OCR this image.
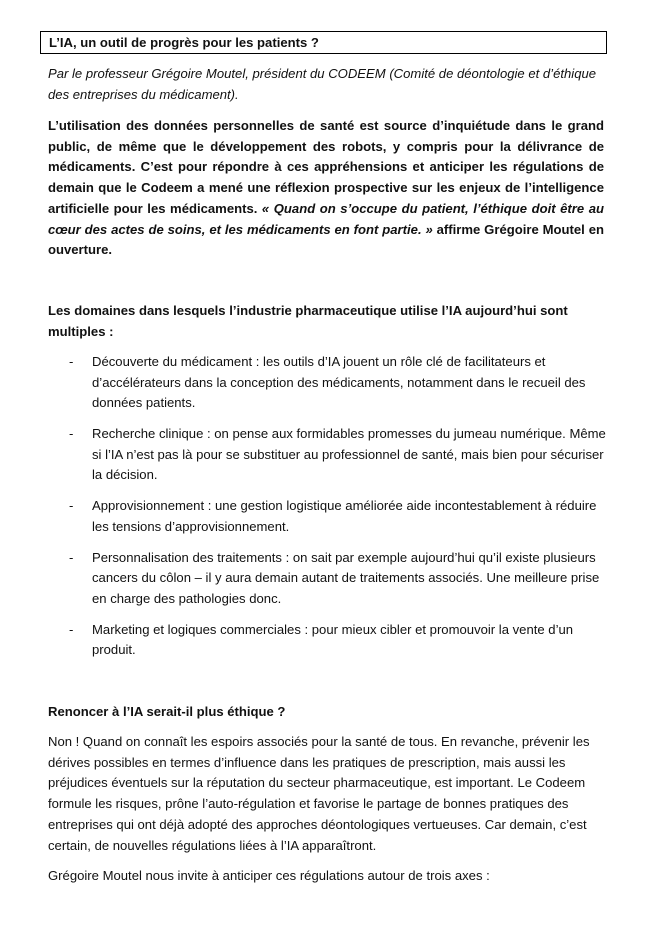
L’IA, un outil de progrès pour les patients ?
Par le professeur Grégoire Moutel, président du CODEEM (Comité de déontologie et d’éthique des entreprises du médicament).
L’utilisation des données personnelles de santé est source d’inquiétude dans le grand public, de même que le développement des robots, y compris pour la délivrance de médicaments. C’est pour répondre à ces appréhensions et anticiper les régulations de demain que le Codeem a mené une réflexion prospective sur les enjeux de l’intelligence artificielle pour les médicaments. « Quand on s’occupe du patient, l’éthique doit être au cœur des actes de soins, et les médicaments en font partie. » affirme Grégoire Moutel en ouverture.
Les domaines dans lesquels l’industrie pharmaceutique utilise l’IA aujourd’hui sont multiples :
- Découverte du médicament : les outils d’IA jouent un rôle clé de facilitateurs et d’accélérateurs dans la conception des médicaments, notamment dans le recueil des données patients.
- Recherche clinique : on pense aux formidables promesses du jumeau numérique. Même si l’IA n’est pas là pour se substituer au professionnel de santé, mais bien pour sécuriser la décision.
- Approvisionnement : une gestion logistique améliorée aide incontestablement à réduire les tensions d’approvisionnement.
- Personnalisation des traitements : on sait par exemple aujourd’hui qu’il existe plusieurs cancers du côlon – il y aura demain autant de traitements associés. Une meilleure prise en charge des pathologies donc.
- Marketing et logiques commerciales : pour mieux cibler et promouvoir la vente d’un produit.
Renoncer à l’IA serait-il plus éthique ?
Non ! Quand on connaît les espoirs associés pour la santé de tous. En revanche, prévenir les dérives possibles en termes d’influence dans les pratiques de prescription, mais aussi les préjudices éventuels sur la réputation du secteur pharmaceutique, est important. Le Codeem formule les risques, prône l’auto-régulation et favorise le partage de bonnes pratiques des entreprises qui ont déjà adopté des approches déontologiques vertueuses. Car demain, c’est certain, de nouvelles régulations liées à l’IA apparaîtront.
Grégoire Moutel nous invite à anticiper ces régulations autour de trois axes :
